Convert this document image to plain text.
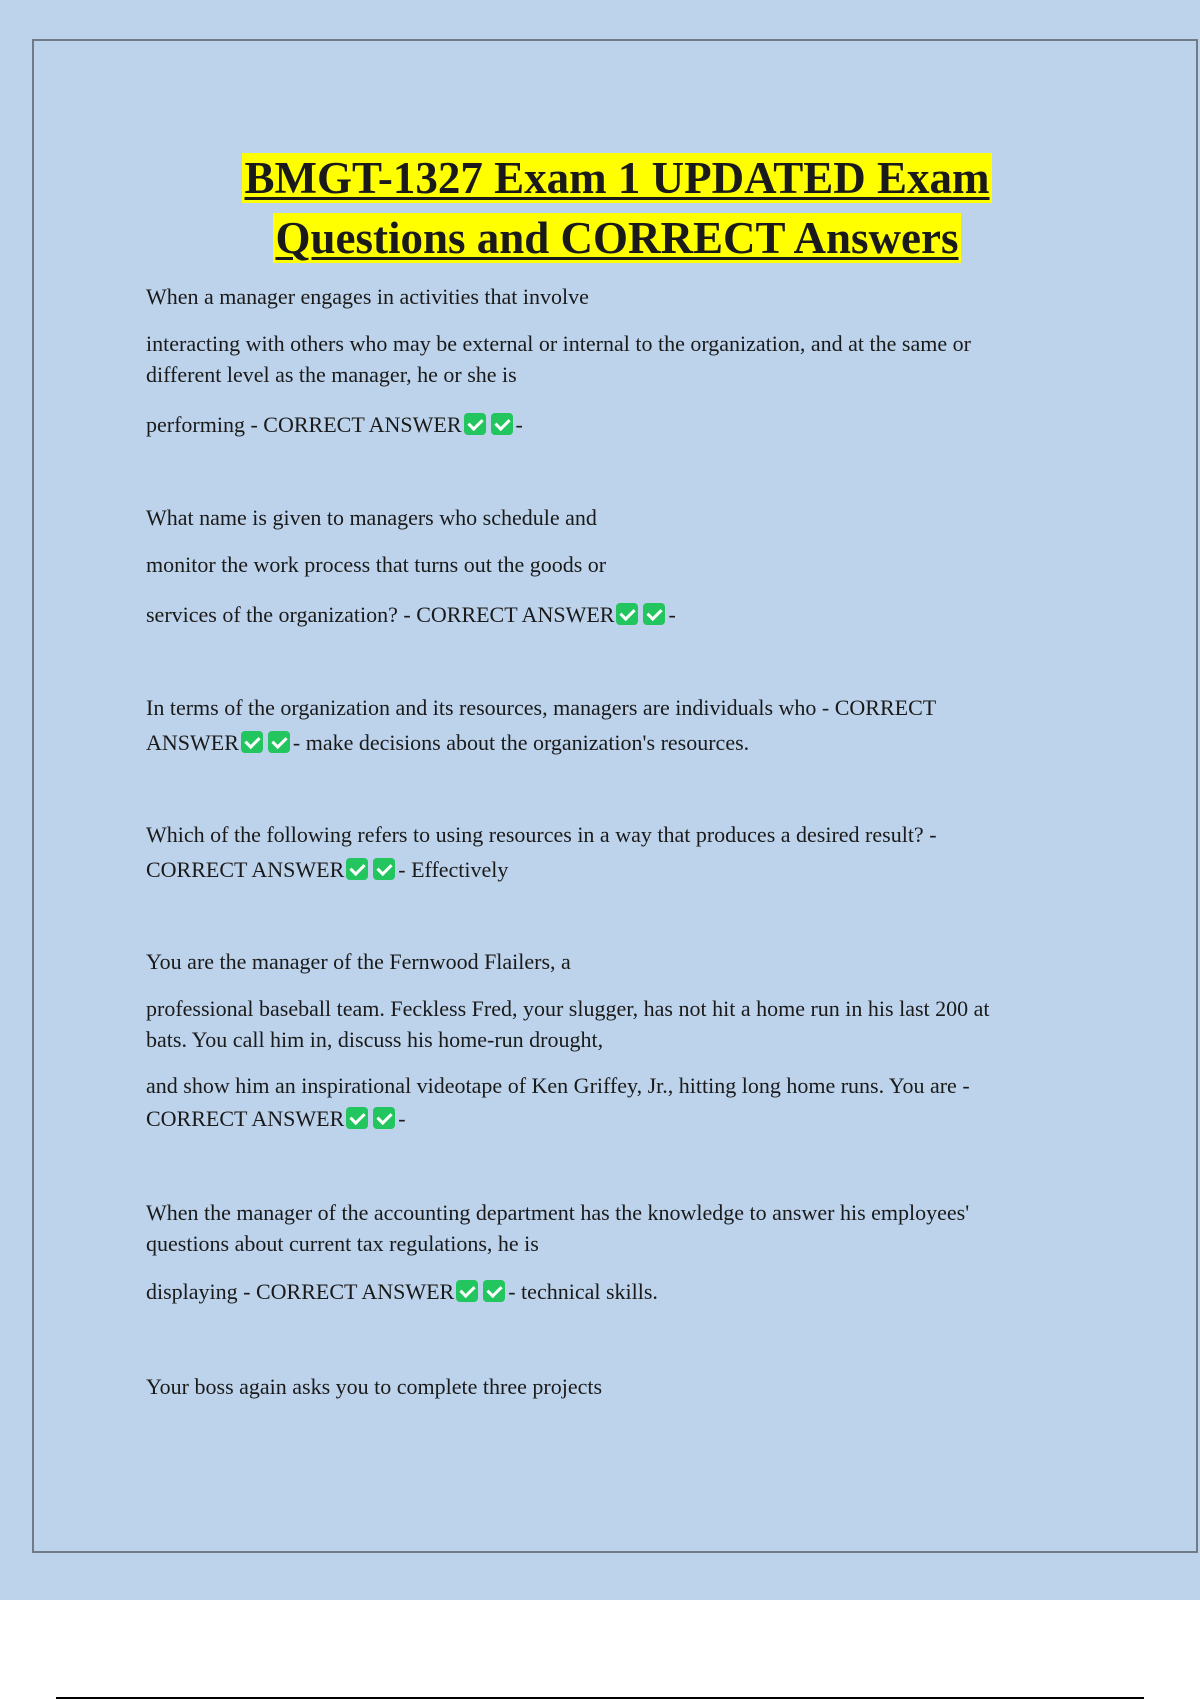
BMGT-1327 Exam 1 UPDATED Exam
Questions and CORRECT Answers
When a manager engages in activities that involve
interacting with others who may be external or internal to the organization, and at the same or
different level as the manager, he or she is
performing - CORRECT ANSWER -
What name is given to managers who schedule and
monitor the work process that turns out the goods or
services of the organization? - CORRECT ANSWER -
In terms of the organization and its resources, managers are individuals who - CORRECT
ANSWER - make decisions about the organization's resources.
Which of the following refers to using resources in a way that produces a desired result? -
CORRECT ANSWER - Effectively
You are the manager of the Fernwood Flailers, a
professional baseball team. Feckless Fred, your slugger, has not hit a home run in his last 200 at
bats. You call him in, discuss his home-run drought,
and show him an inspirational videotape of Ken Griffey, Jr., hitting long home runs. You are -
CORRECT ANSWER -
When the manager of the accounting department has the knowledge to answer his employees'
questions about current tax regulations, he is
displaying - CORRECT ANSWER - technical skills.
Your boss again asks you to complete three projects
